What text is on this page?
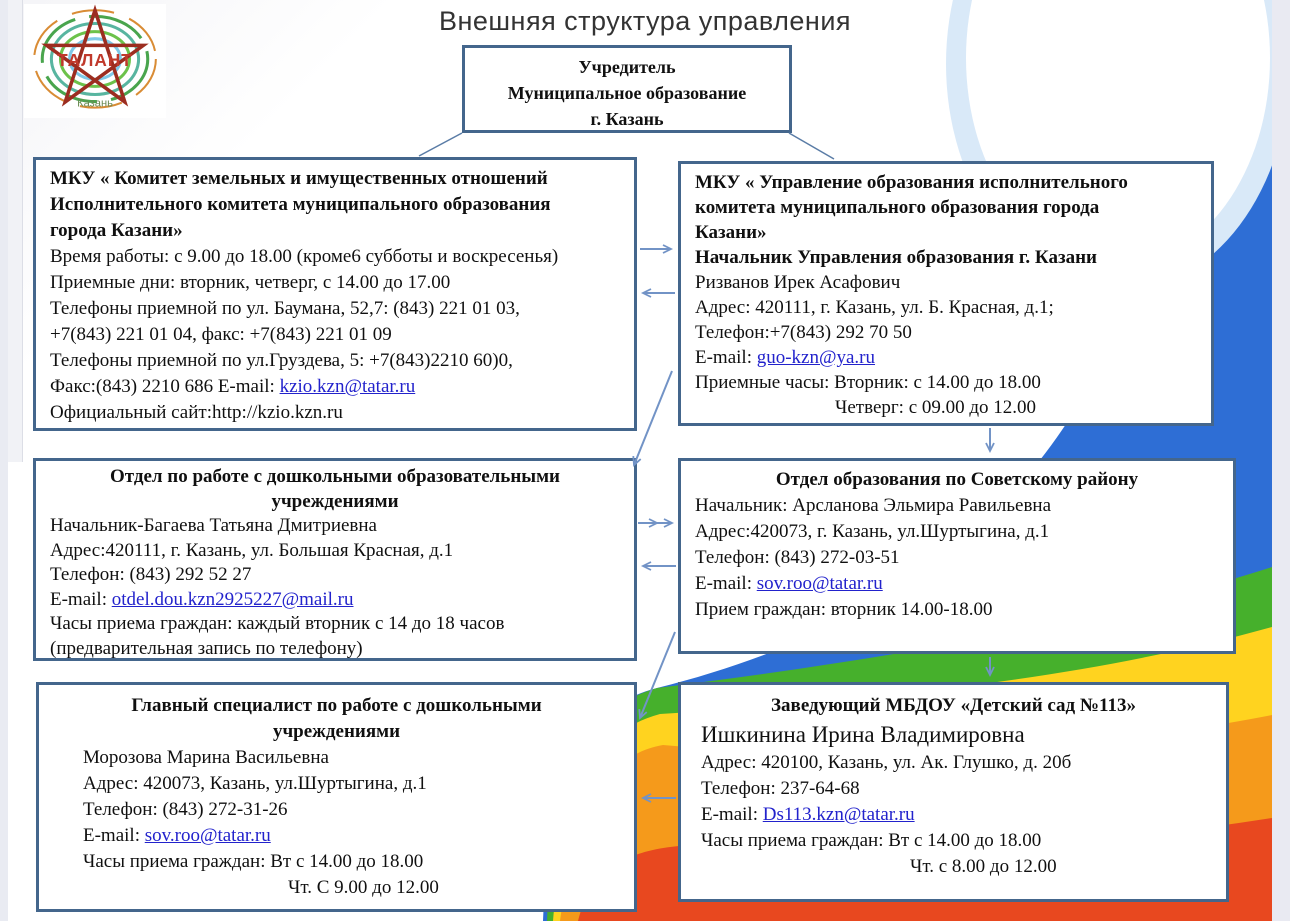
Внешняя структура управления
ТАЛАНТ
Казань
Учредитель
Муниципальное образование
г. Казань
МКУ « Комитет земельных и имущественных отношений
Исполнительного комитета муниципального образования
города Казани»
Время работы: с 9.00 до 18.00 (кроме6 субботы и воскресенья)
Приемные дни: вторник, четверг, с 14.00 до 17.00
Телефоны приемной по ул. Баумана, 52,7: (843) 221 01 03,
+7(843) 221 01 04, факс: +7(843) 221 01 09
Телефоны приемной по ул.Груздева, 5: +7(843)2210 60)0,
Факс:(843) 2210 686 E-mail: kzio.kzn@tatar.ru
Официальный сайт:http://kzio.kzn.ru
МКУ « Управление образования исполнительного
комитета муниципального образования города
Казани»
Начальник Управления образования г. Казани
Ризванов Ирек Асафович
Адрес: 420111, г. Казань, ул. Б. Красная, д.1;
Телефон:+7(843) 292 70 50
E-mail: guo-kzn@ya.ru
Приемные часы: Вторник: с 14.00 до 18.00
Четверг: с 09.00 до 12.00
Отдел по работе с дошкольными образовательными
учреждениями
Начальник-Багаева Татьяна Дмитриевна
Адрес:420111, г. Казань, ул. Большая Красная, д.1
Телефон: (843) 292 52 27
E-mail: otdel.dou.kzn2925227@mail.ru
Часы приема граждан: каждый вторник с 14 до 18 часов
(предварительная запись по телефону)
Отдел образования по Советскому району
Начальник: Арсланова Эльмира Равильевна
Адрес:420073, г. Казань, ул.Шуртыгина, д.1
Телефон: (843) 272-03-51
E-mail: sov.roo@tatar.ru
Прием граждан: вторник 14.00-18.00
Главный специалист по работе с дошкольными
учреждениями
Морозова Марина Васильевна
Адрес: 420073, Казань, ул.Шуртыгина, д.1
Телефон: (843) 272-31-26
E-mail: sov.roo@tatar.ru
Часы приема граждан: Вт с 14.00 до 18.00
Чт. С 9.00 до 12.00
Заведующий МБДОУ «Детский сад №113»
Ишкинина Ирина Владимировна
Адрес: 420100, Казань, ул. Ак. Глушко, д. 20б
Телефон: 237-64-68
E-mail: Ds113.kzn@tatar.ru
Часы приема граждан: Вт с 14.00 до 18.00
Чт. с 8.00 до 12.00
